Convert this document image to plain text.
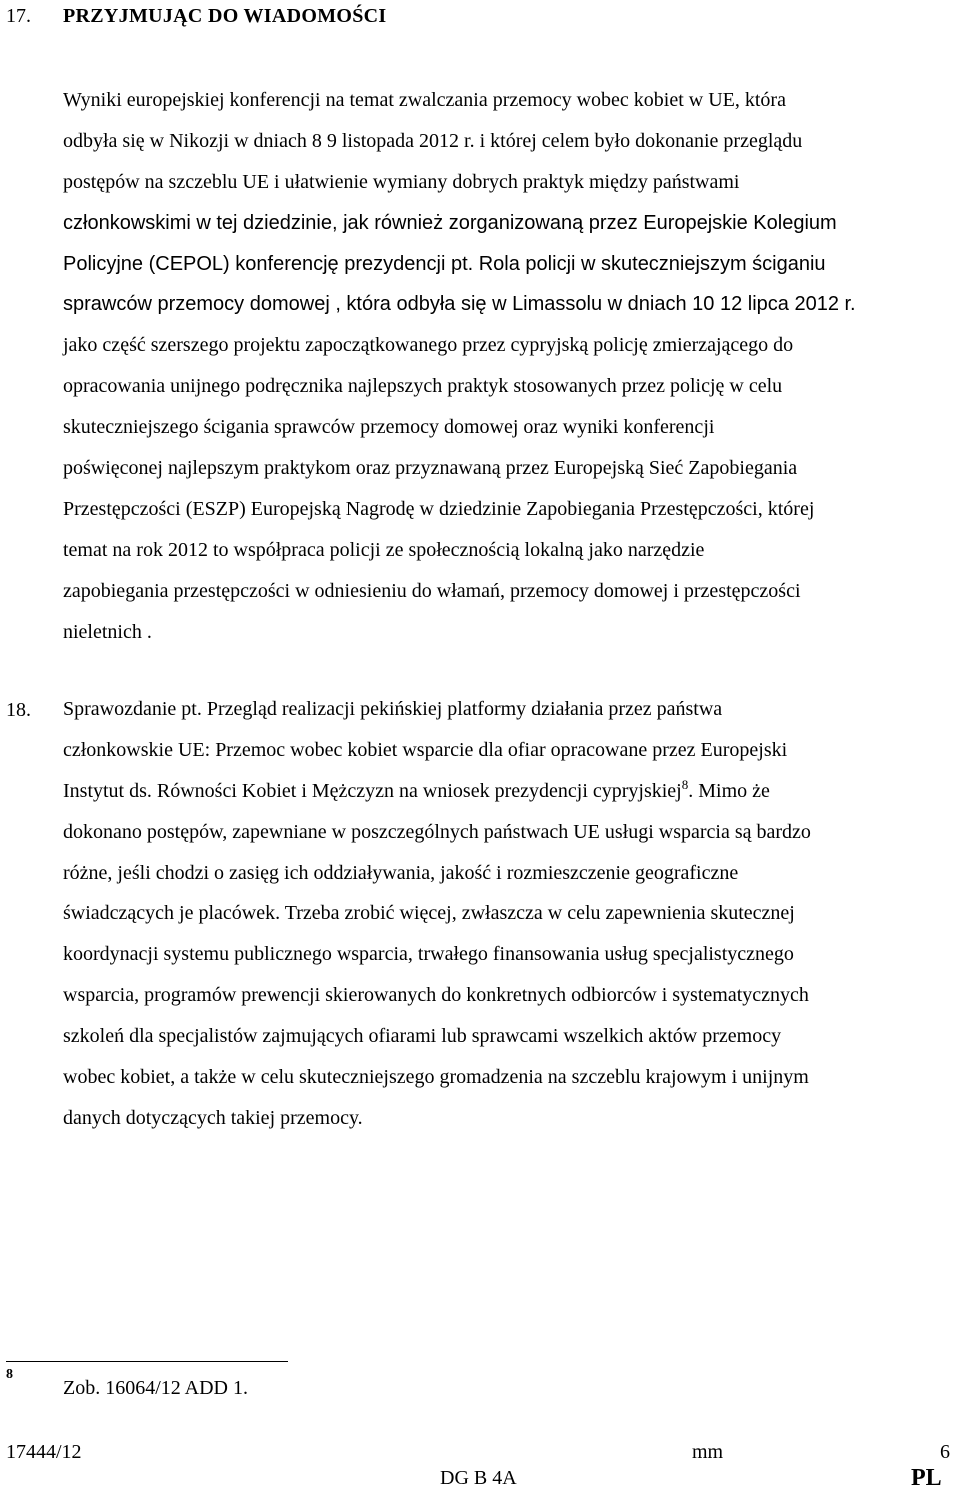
17. PRZYJMUJĄC DO WIADOMOŚCI
Wyniki europejskiej konferencji na temat zwalczania przemocy wobec kobiet w UE, która
odbyła się w Nikozji w dniach 8 9 listopada 2012 r. i której celem było dokonanie przeglądu
postępów na szczeblu UE i ułatwienie wymiany dobrych praktyk między państwami
członkowskimi w tej dziedzinie, jak również zorganizowaną przez Europejskie Kolegium
Policyjne (CEPOL) konferencję prezydencji pt. Rola policji w skuteczniejszym ściganiu
sprawców przemocy domowej , która odbyła się w Limassolu w dniach 10 12 lipca 2012 r.
jako część szerszego projektu zapoczątkowanego przez cypryjską policję zmierzającego do
opracowania unijnego podręcznika najlepszych praktyk stosowanych przez policję w celu
skuteczniejszego ścigania sprawców przemocy domowej oraz wyniki konferencji
poświęconej najlepszym praktykom oraz przyznawaną przez Europejską Sieć Zapobiegania
Przestępczości (ESZP) Europejską Nagrodę w dziedzinie Zapobiegania Przestępczości, której
temat na rok 2012 to współpraca policji ze społecznością lokalną jako narzędzie
zapobiegania przestępczości w odniesieniu do włamań, przemocy domowej i przestępczości
nieletnich .
18. Sprawozdanie pt. Przegląd realizacji pekińskiej platformy działania przez państwa
członkowskie UE: Przemoc wobec kobiet wsparcie dla ofiar opracowane przez Europejski
Instytut ds. Równości Kobiet i Mężczyzn na wniosek prezydencji cypryjskiej$^8$. Mimo że
dokonano postępów, zapewniane w poszczególnych państwach UE usługi wsparcia są bardzo
różne, jeśli chodzi o zasięg ich oddziaływania, jakość i rozmieszczenie geograficzne
świadczących je placówek. Trzeba zrobić więcej, zwłaszcza w celu zapewnienia skutecznej
koordynacji systemu publicznego wsparcia, trwałego finansowania usług specjalistycznego
wsparcia, programów prewencji skierowanych do konkretnych odbiorców i systematycznych
szkoleń dla specjalistów zajmujących ofiarami lub sprawcami wszelkich aktów przemocy
wobec kobiet, a także w celu skuteczniejszego gromadzenia na szczeblu krajowym i unijnym
danych dotyczących takiej przemocy.
8
Zob. 16064/12 ADD 1.
17444/12	mm	6
DG B 4A	PL
